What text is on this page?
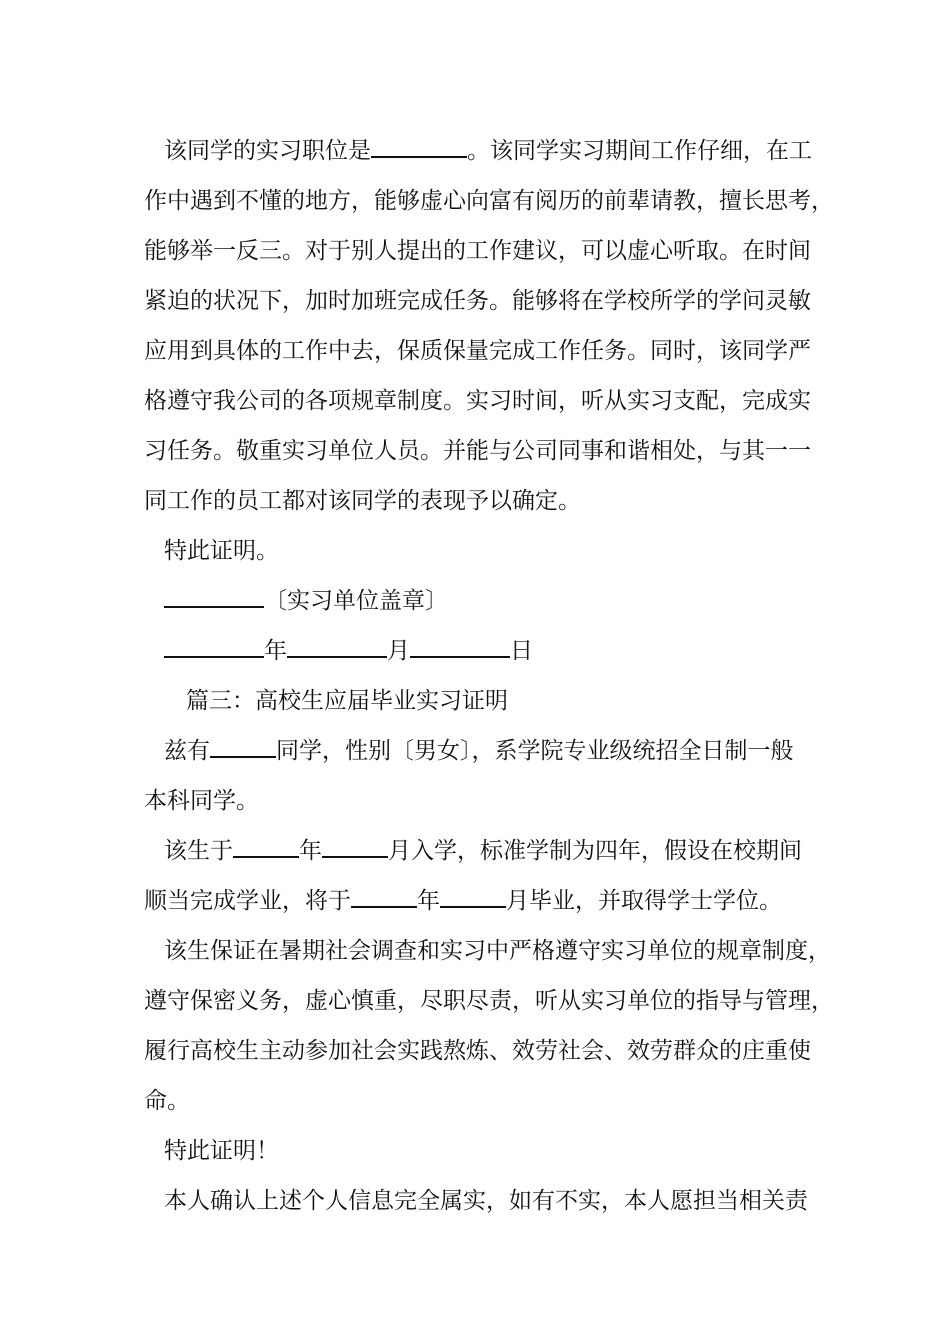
该同学的实习职位是	。该同学实习期间工作仔细，在工
作中遇到不懂的地方，能够虚心向富有阅历的前辈请教，擅长思考，
能够举一反三。对于别人提出的工作建议，可以虚心听取。在时间
紧迫的状况下，加时加班完成任务。能够将在学校所学的学问灵敏
应用到具体的工作中去，保质保量完成工作任务。同时，该同学严
格遵守我公司的各项规章制度。实习时间，听从实习支配，完成实
习任务。敬重实习单位人员。并能与公司同事和谐相处，与其一一
同工作的员工都对该同学的表现予以确定。
特此证明。
〔实习单位盖章〕
年	月	日
篇三：高校生应届毕业实习证明
兹有	同学，性别〔男女〕，系学院专业级统招全日制一般
本科同学。
该生于	年	月入学，标准学制为四年，假设在校期间
顺当完成学业，将于	年	月毕业，并取得学士学位。
该生保证在暑期社会调查和实习中严格遵守实习单位的规章制度，
遵守保密义务，虚心慎重，尽职尽责，听从实习单位的指导与管理，
履行高校生主动参加社会实践熬炼、效劳社会、效劳群众的庄重使
命。
特此证明！
本人确认上述个人信息完全属实，如有不实，本人愿担当相关责
